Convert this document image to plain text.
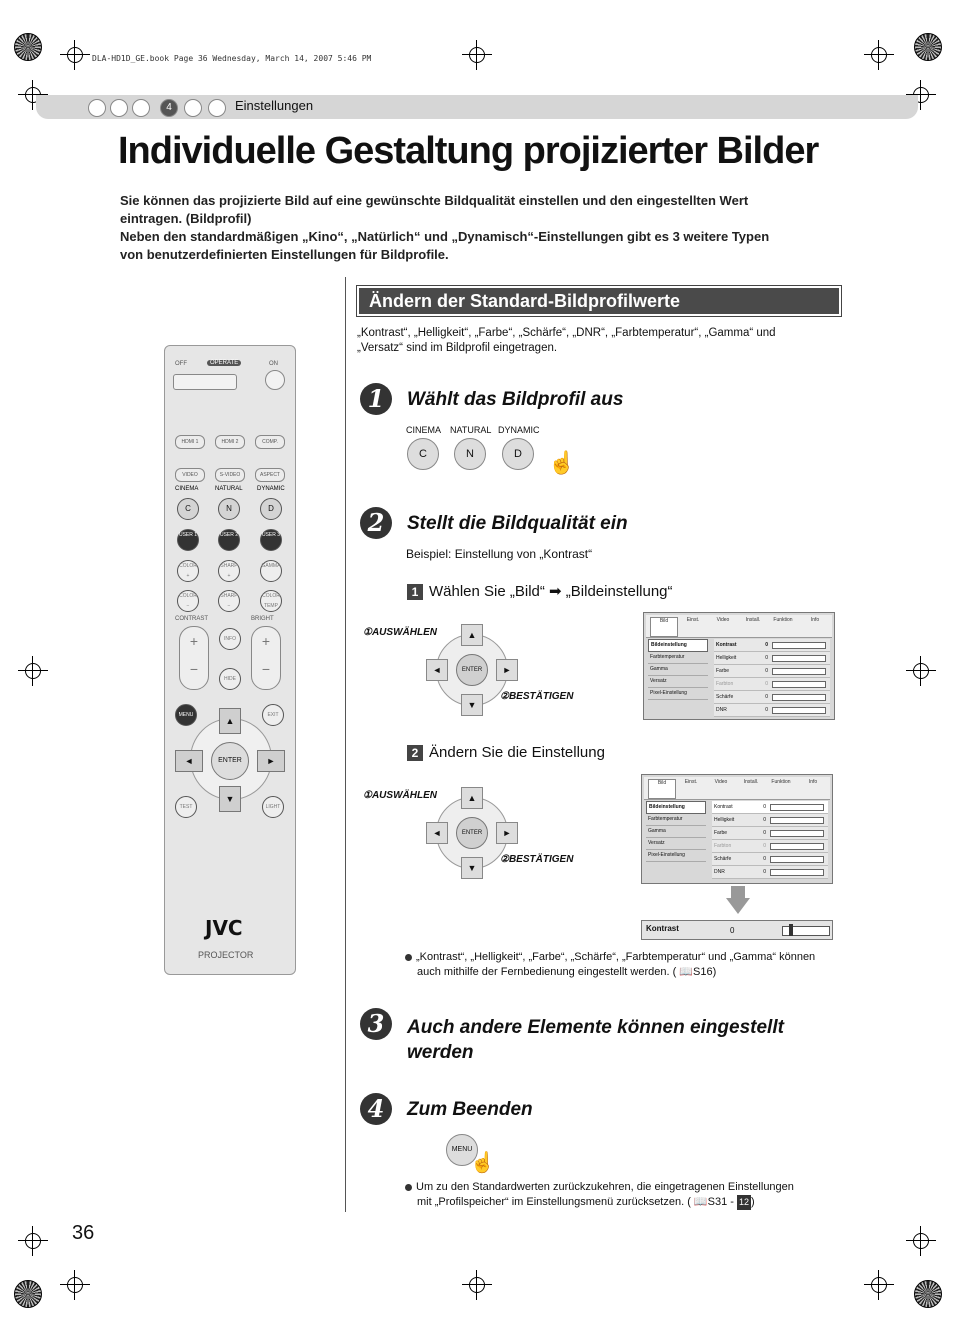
DLA-HD1D_GE.book Page 36 Wednesday, March 14, 2007 5:46 PM
4	Einstellungen
Individuelle Gestaltung projizierter Bilder
Sie können das projizierte Bild auf eine gewünschte Bildqualität einstellen und den eingestellten Wert
eintragen. (Bildprofil)
Neben den standardmäßigen „Kino“, „Natürlich“ und „Dynamisch“-Einstellungen gibt es 3 weitere Typen
von benutzerdefinierten Einstellungen für Bildprofile.
Ändern der Standard-Bildprofilwerte
„Kontrast“, „Helligkeit“, „Farbe“, „Schärfe“, „DNR“, „Farbtemperatur“, „Gamma“ und
„Versatz“ sind im Bildprofil eingetragen.
1	Wählt das Bildprofil aus
CINEMA NATURAL DYNAMIC
C	N	D	☝
2	Stellt die Bildqualität ein
Beispiel: Einstellung von „Kontrast“
1 Wählen Sie „Bild“ ➡ „Bildeinstellung“
①AUSWÄHLEN	▲
▼
◄	►
ENTER
②BESTÄTIGEN
Bild	Einst.	Video	Install.	Funktion	Info
Bildeinstellung
Farbtemperatur
Gamma
Versatz
Pixel-Einstellung
Kontrast	0
Helligkeit	0
Farbe	0
Farbton	0
Schärfe	0
DNR	0
2 Ändern Sie die Einstellung
①AUSWÄHLEN	▲
▼
◄	►
ENTER
②BESTÄTIGEN
Bild	Einst.	Video	Install.	Funktion	Info
Bildeinstellung
Farbtemperatur
Gamma
Versatz
Pixel-Einstellung
Kontrast	0
Helligkeit	0
Farbe	0
Farbton	0
Schärfe	0
DNR	0
Kontrast	0
„Kontrast“, „Helligkeit“, „Farbe“, „Schärfe“, „Farbtemperatur“ und „Gamma“ können
auch mithilfe der Fernbedienung eingestellt werden. ( 📖S16)
3	Auch andere Elemente können eingestellt
werden
4	Zum Beenden
MENU
☝
Um zu den Standardwerten zurückzukehren, die eingetragenen Einstellungen
mit „Profilspeicher“ im Einstellungsmenü zurücksetzen. ( 📖S31 - 12 )
OFF	OPERATE	ON
HDMI 1	HDMI 2	COMP.
VIDEO	S-VIDEO	ASPECT
CINEMA	NATURAL DYNAMIC
C	N	D
USER 1	USER 2	USER 3
COLOR +
SHARP +
GAMMA
COLOR −
SHARP −
COLOR TEMP
CONTRAST	BRIGHT
+
−
+
−
INFO
HIDE
MENU	EXIT
▲
▼
◄	►
ENTER
TEST	LIGHT
JVC
PROJECTOR
36
